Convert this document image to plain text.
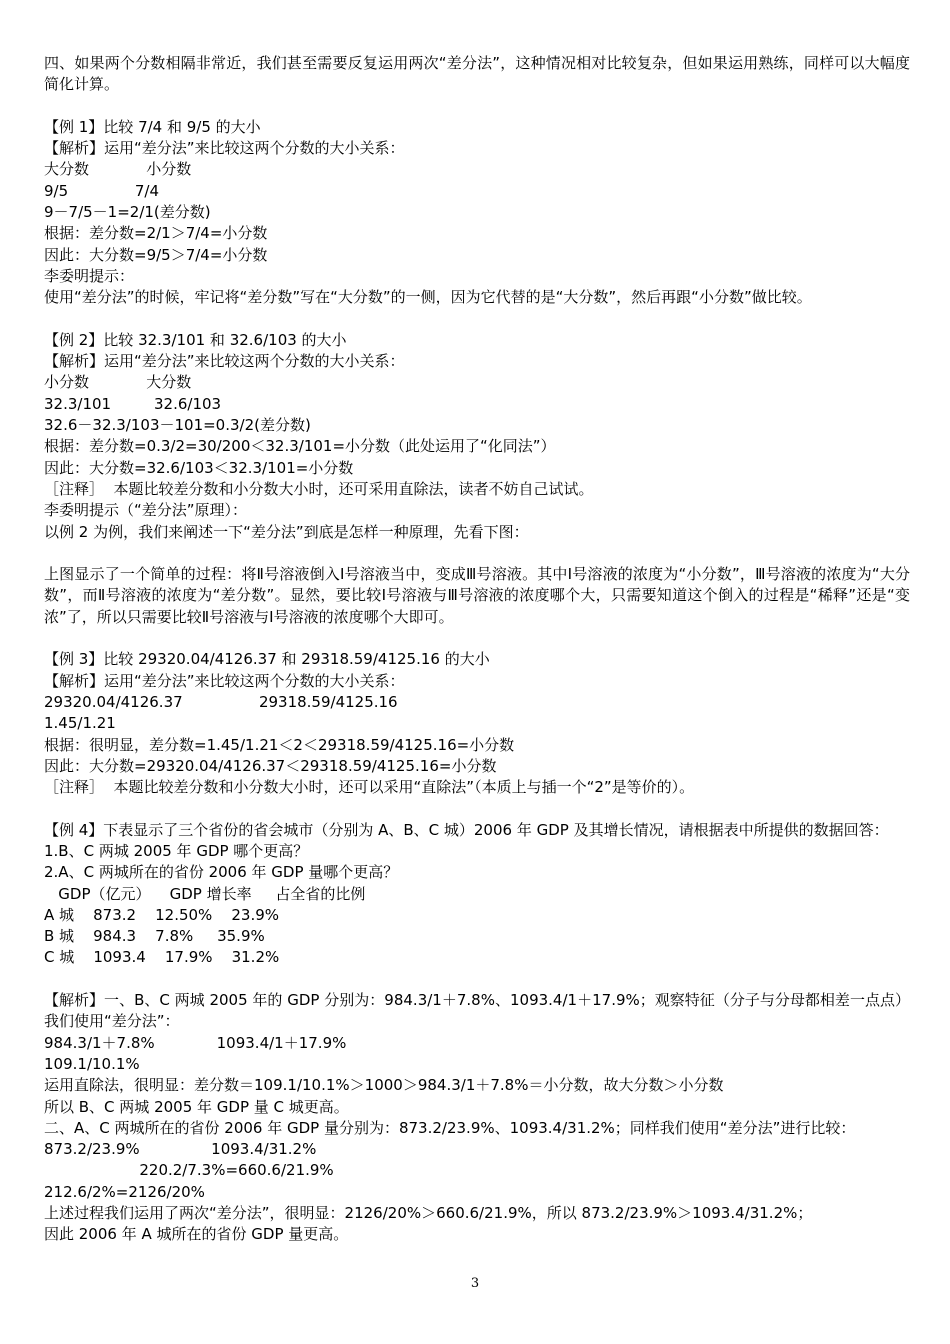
四、如果两个分数相隔非常近，我们甚至需要反复运用两次“差分法”，这种情况相对比较复杂，但如果运用熟练，同样可以大幅度简化计算。
【例 1】比较 7/4 和 9/5 的大小
【解析】运用“差分法”来比较这两个分数的大小关系：
大分数            小分数
9/5              7/4
9－7/5－1=2/1(差分数)
根据：差分数=2/1＞7/4=小分数
因此：大分数=9/5＞7/4=小分数
李委明提示：
使用“差分法”的时候，牢记将“差分数”写在“大分数”的一侧，因为它代替的是“大分数”，然后再跟“小分数”做比较。
【例 2】比较 32.3/101 和 32.6/103 的大小
【解析】运用“差分法”来比较这两个分数的大小关系：
小分数            大分数
32.3/101         32.6/103
32.6－32.3/103－101=0.3/2(差分数)
根据：差分数=0.3/2=30/200＜32.3/101=小分数（此处运用了“化同法”）
因此：大分数=32.6/103＜32.3/101=小分数
［注释］  本题比较差分数和小分数大小时，还可采用直除法，读者不妨自己试试。
李委明提示（“差分法”原理）：
以例 2 为例，我们来阐述一下“差分法”到底是怎样一种原理，先看下图：
上图显示了一个简单的过程：将Ⅱ号溶液倒入Ⅰ号溶液当中，变成Ⅲ号溶液。其中Ⅰ号溶液的浓度为“小分数”，Ⅲ号溶液的浓度为“大分数”，而Ⅱ号溶液的浓度为“差分数”。显然，要比较Ⅰ号溶液与Ⅲ号溶液的浓度哪个大，只需要知道这个倒入的过程是“稀释”还是“变浓”了，所以只需要比较Ⅱ号溶液与Ⅰ号溶液的浓度哪个大即可。
【例 3】比较 29320.04/4126.37 和 29318.59/4125.16 的大小
【解析】运用“差分法”来比较这两个分数的大小关系：
29320.04/4126.37                29318.59/4125.16
1.45/1.21
根据：很明显，差分数=1.45/1.21＜2＜29318.59/4125.16=小分数
因此：大分数=29320.04/4126.37＜29318.59/4125.16=小分数
［注释］  本题比较差分数和小分数大小时，还可以采用“直除法”（本质上与插一个“2”是等价的）。
【例 4】下表显示了三个省份的省会城市（分别为 A、B、C 城）2006 年 GDP 及其增长情况，请根据表中所提供的数据回答：
1.B、C 两城 2005 年 GDP 哪个更高？
2.A、C 两城所在的省份 2006 年 GDP 量哪个更高？
GDP（亿元）    GDP 增长率     占全省的比例
A 城    873.2    12.50%    23.9%
B 城    984.3    7.8%     35.9%
C 城    1093.4    17.9%    31.2%
【解析】一、B、C 两城 2005 年的 GDP 分别为：984.3/1＋7.8%、1093.4/1＋17.9%；观察特征（分子与分母都相差一点点）我们使用“差分法”：
984.3/1＋7.8%             1093.4/1＋17.9%
109.1/10.1%
运用直除法，很明显：差分数＝109.1/10.1%＞1000＞984.3/1＋7.8%＝小分数，故大分数＞小分数
所以 B、C 两城 2005 年 GDP 量 C 城更高。
二、A、C 两城所在的省份 2006 年 GDP 量分别为：873.2/23.9%、1093.4/31.2%；同样我们使用“差分法”进行比较：
873.2/23.9%               1093.4/31.2%
220.2/7.3%=660.6/21.9%
212.6/2%=2126/20%
上述过程我们运用了两次“差分法”，很明显：2126/20%＞660.6/21.9%，所以 873.2/23.9%＞1093.4/31.2%；
因此 2006 年 A 城所在的省份 GDP 量更高。
3
